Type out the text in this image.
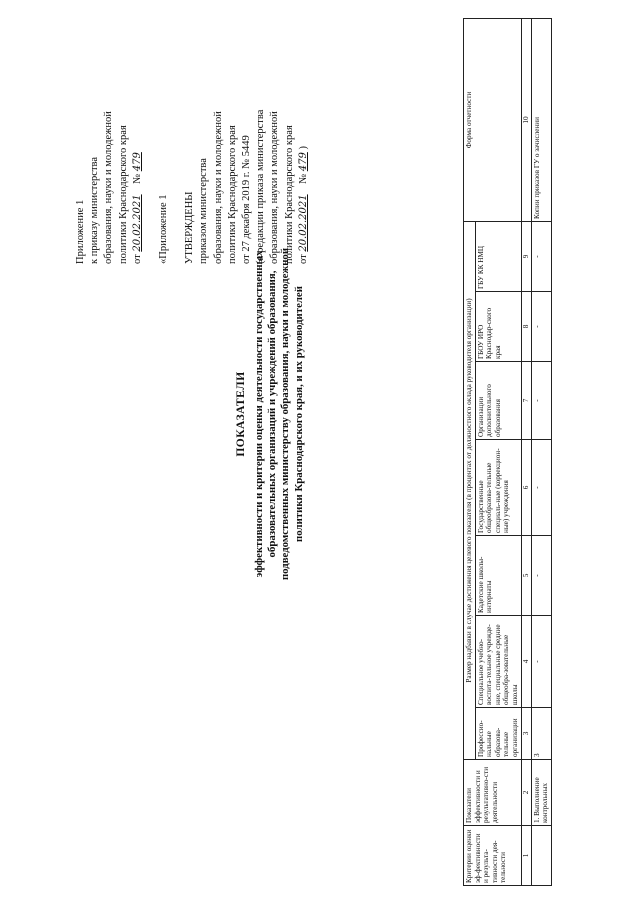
Приложение 1 к приказу министерства образования, науки и молодежной политики Краснодарского края от 20.02.2021    № 479
«Приложение 1 УТВЕРЖДЕНЫ приказом министерства образования, науки и молодежной политики Краснодарского края от 27 декабря 2019 г. № 5449 (в редакции приказа министерства образования, науки и молодежной политики Краснодарского края от 20.02.2021    № 479 )
ПОКАЗАТЕЛИ эффективности и критерии оценки деятельности государственных образовательных организаций и учреждений образования, подведомственных министерству образования, науки и молодежной политики Краснодарского края, и их руководителей
Критерии оценки эф-фективности и результа-тивности дея-тельности	Показатели эффективности и результативно-сти деятельности	Размер надбавки в случае достижения целевого показателя (в процентах от должностного оклада руководителя организации)							Форма отчетности
		Профессио-нальные образова-тельные организации	Специальное учебно-воспита-тельное учрежде-ние, специальные средние общеобра-зовательные школы	Кадетские школы-интернаты	Государственные общеобразова-тельные специаль-ные (коррекцион-ные) учреждения	Организации дополнительного образования	ГБОУ ИРО Краснодар-ского края	ГБУ КК НМЦ	
1	2	3	4	5	6	7	8	9	10
	1. Выполнение контрольных	3	-	-	-	-	-	-	Копии приказов ГУ о зачислении
